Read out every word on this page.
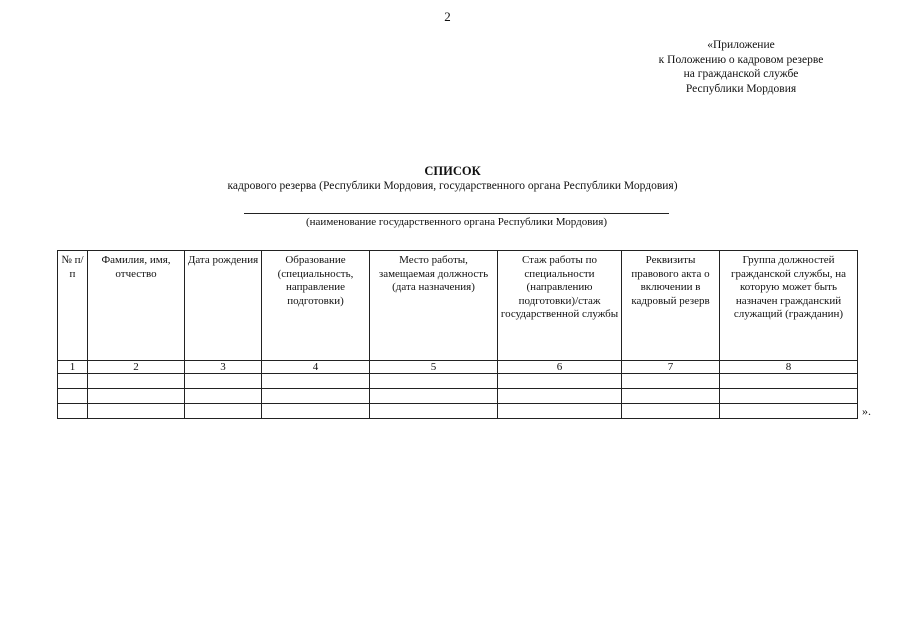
2
«Приложение
к Положению о кадровом резерве
на гражданской службе
Республики Мордовия
СПИСОК
кадрового резерва (Республики Мордовия, государственного органа Республики Мордовия)
(наименование государственного органа Республики Мордовия)
№ п/п	Фамилия, имя, отчество	Дата рождения	Образование (специальность, направление подготовки)	Место работы, замещаемая должность (дата назначения)	Стаж работы по специальности (направлению подготовки)/стаж государственной службы	Реквизиты правового акта о включении в кадровый резерв	Группа должностей гражданской службы, на которую может быть назначен гражданский служащий (гражданин)
1	2	3	4	5	6	7	8

».
